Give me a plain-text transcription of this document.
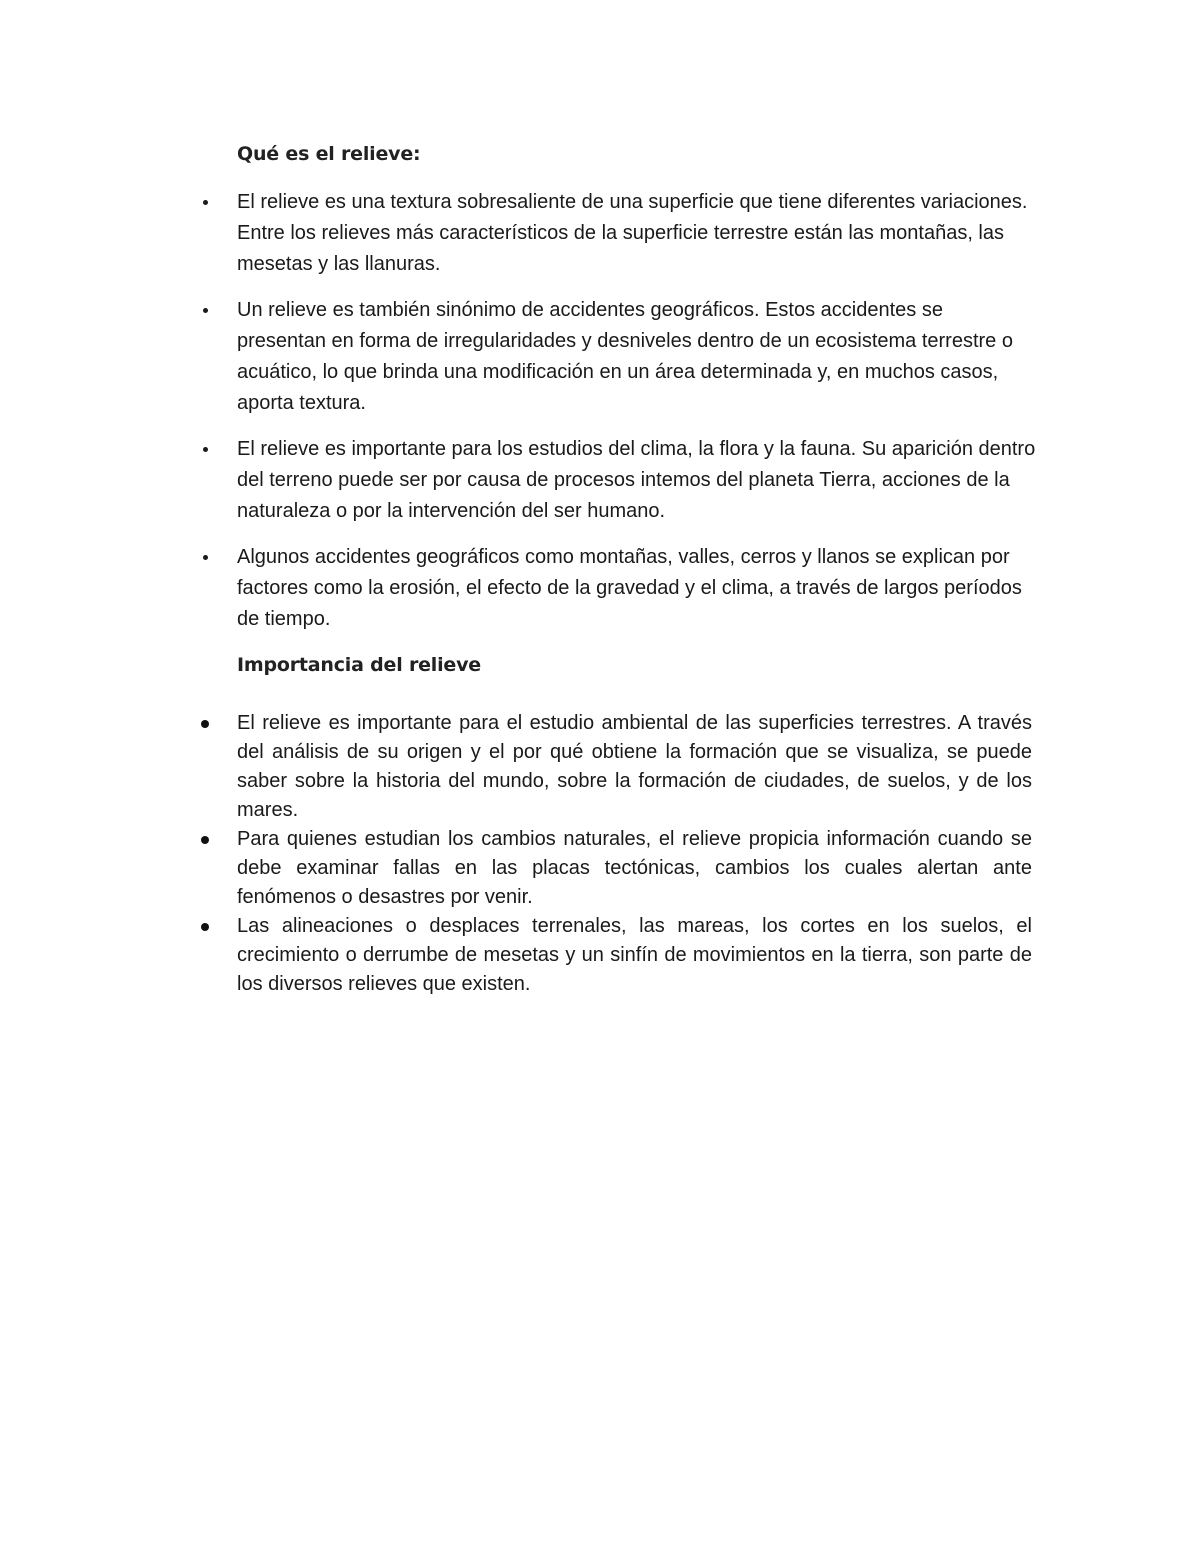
Qué es el relieve:
El relieve es una textura sobresaliente de una superficie que tiene diferentes variaciones. Entre los relieves más característicos de la superficie terrestre están las montañas, las mesetas y las llanuras.
Un relieve es también sinónimo de accidentes geográficos. Estos accidentes se presentan en forma de irregularidades y desniveles dentro de un ecosistema terrestre o acuático, lo que brinda una modificación en un área determinada y, en muchos casos, aporta textura.
El relieve es importante para los estudios del clima, la flora y la fauna. Su aparición dentro del terreno puede ser por causa de procesos intemos del planeta Tierra, acciones de la naturaleza o por la intervención del ser humano.
Algunos accidentes geográficos como montañas, valles, cerros y llanos se explican por factores como la erosión, el efecto de la gravedad y el clima, a través de largos períodos de tiempo.
Importancia del relieve
El relieve es importante para el estudio ambiental de las superficies terrestres. A través del análisis de su origen y el por qué obtiene la formación que se visualiza, se puede saber sobre la historia del mundo, sobre la formación de ciudades, de suelos, y de los mares.
Para quienes estudian los cambios naturales, el relieve propicia información cuando se debe examinar fallas en las placas tectónicas, cambios los cuales alertan ante fenómenos o desastres por venir.
Las alineaciones o desplaces terrenales, las mareas, los cortes en los suelos, el crecimiento o derrumbe de mesetas y un sinfín de movimientos en la tierra, son parte de los diversos relieves que existen.
